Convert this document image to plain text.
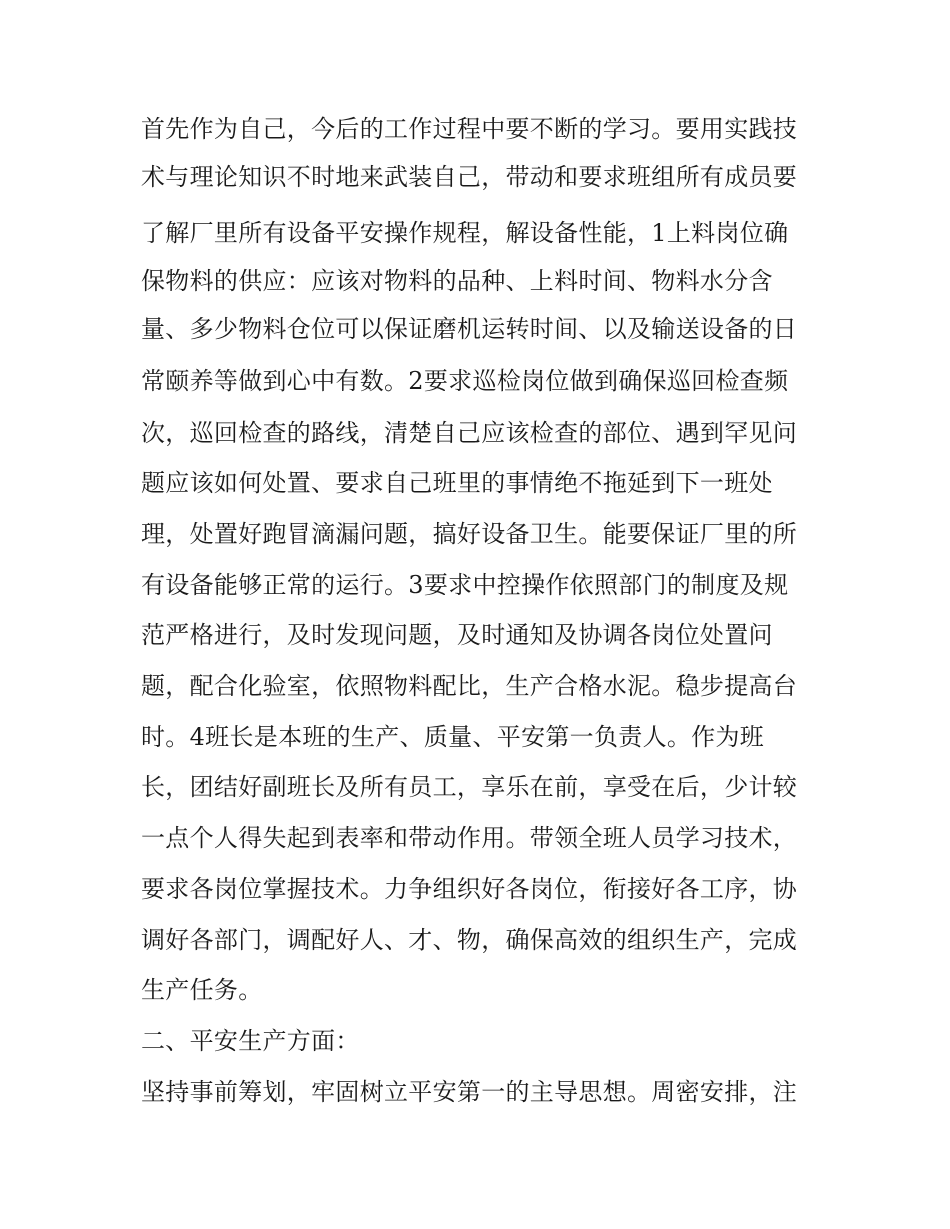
首先作为自己，今后的工作过程中要不断的学习。要用实践技
术与理论知识不时地来武装自己，带动和要求班组所有成员要
了解厂里所有设备平安操作规程，解设备性能，1上料岗位确
保物料的供应：应该对物料的品种、上料时间、物料水分含
量、多少物料仓位可以保证磨机运转时间、以及输送设备的日
常颐养等做到心中有数。2要求巡检岗位做到确保巡回检查频
次，巡回检查的路线，清楚自己应该检查的部位、遇到罕见问
题应该如何处置、要求自己班里的事情绝不拖延到下一班处
理，处置好跑冒滴漏问题，搞好设备卫生。能要保证厂里的所
有设备能够正常的运行。3要求中控操作依照部门的制度及规
范严格进行，及时发现问题，及时通知及协调各岗位处置问
题，配合化验室，依照物料配比，生产合格水泥。稳步提高台
时。4班长是本班的生产、质量、平安第一负责人。作为班
长，团结好副班长及所有员工，享乐在前，享受在后，少计较
一点个人得失起到表率和带动作用。带领全班人员学习技术，
要求各岗位掌握技术。力争组织好各岗位，衔接好各工序，协
调好各部门，调配好人、才、物，确保高效的组织生产，完成
生产任务。
二、平安生产方面：
坚持事前筹划，牢固树立平安第一的主导思想。周密安排，注
